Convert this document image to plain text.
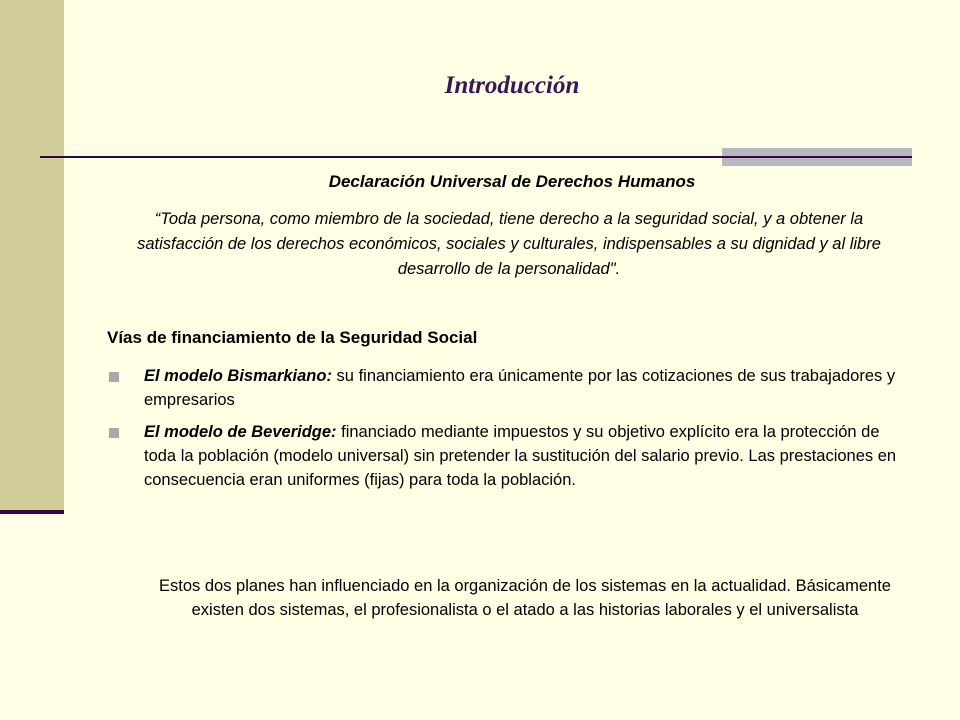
Introducción
Declaración Universal de Derechos Humanos
“Toda persona, como miembro de la sociedad, tiene derecho a la seguridad social, y a obtener la satisfacción de los derechos económicos, sociales y culturales, indispensables a su dignidad y al libre desarrollo de la personalidad".
Vías de financiamiento de la Seguridad Social
El modelo Bismarkiano: su financiamiento era únicamente por las cotizaciones de sus trabajadores y empresarios
El modelo de Beveridge: financiado mediante impuestos y su objetivo explícito era la protección de toda la población (modelo universal) sin pretender la sustitución del salario previo. Las prestaciones en consecuencia eran uniformes (fijas) para toda la población.
Estos dos planes han influenciado en la organización de los sistemas en la actualidad. Básicamente existen dos sistemas, el profesionalista o el atado a las historias laborales y el universalista
